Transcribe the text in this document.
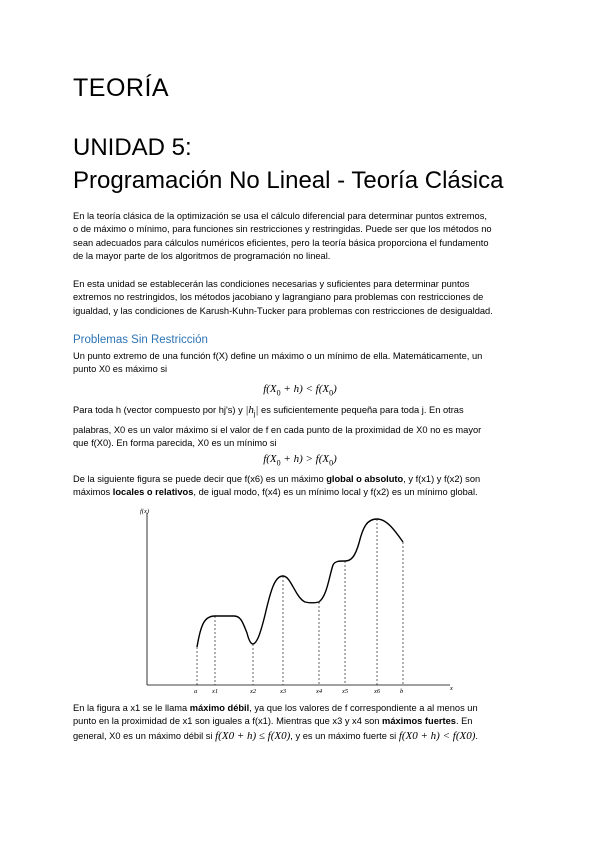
TEORÍA
UNIDAD 5:
Programación No Lineal - Teoría Clásica
En la teoría clásica de la optimización se usa el cálculo diferencial para determinar puntos extremos,
o de máximo o mínimo, para funciones sin restricciones y restringidas. Puede ser que los métodos no
sean adecuados para cálculos numéricos eficientes, pero la teoría básica proporciona el fundamento
de la mayor parte de los algoritmos de programación no lineal.
En esta unidad se establecerán las condiciones necesarias y suficientes para determinar puntos
extremos no restringidos, los métodos jacobiano y lagrangiano para problemas con restricciones de
igualdad, y las condiciones de Karush-Kuhn-Tucker para problemas con restricciones de desigualdad.
Problemas Sin Restricción
Un punto extremo de una función f(X) define un máximo o un mínimo de ella. Matemáticamente, un
punto X0 es máximo si
$f(X_0 + h) < f(X_0)$
Para toda h (vector compuesto por hj's) y $|h_j|$ es suficientemente pequeña para toda j. En otras
palabras, X0 es un valor máximo si el valor de f en cada punto de la proximidad de X0 no es mayor
que f(X0). En forma parecida, X0 es un mínimo si
$f(X_0 + h) > f(X_0)$
De la siguiente figura se puede decir que f(x6) es un máximo global o absoluto, y f(x1) y f(x2) son
máximos locales o relativos, de igual modo, f(x4) es un mínimo local y f(x2) es un mínimo global.
f(x)
x
a x1	x2	x3	x4	x5	x6	b
En la figura a x1 se le llama máximo débil, ya que los valores de f correspondiente a al menos un
punto en la proximidad de x1 son iguales a f(x1). Mientras que x3 y x4 son máximos fuertes. En
general, X0 es un máximo débil si f(X0 + h) ≤ f(X0), y es un máximo fuerte si f(X0 + h) < f(X0).
